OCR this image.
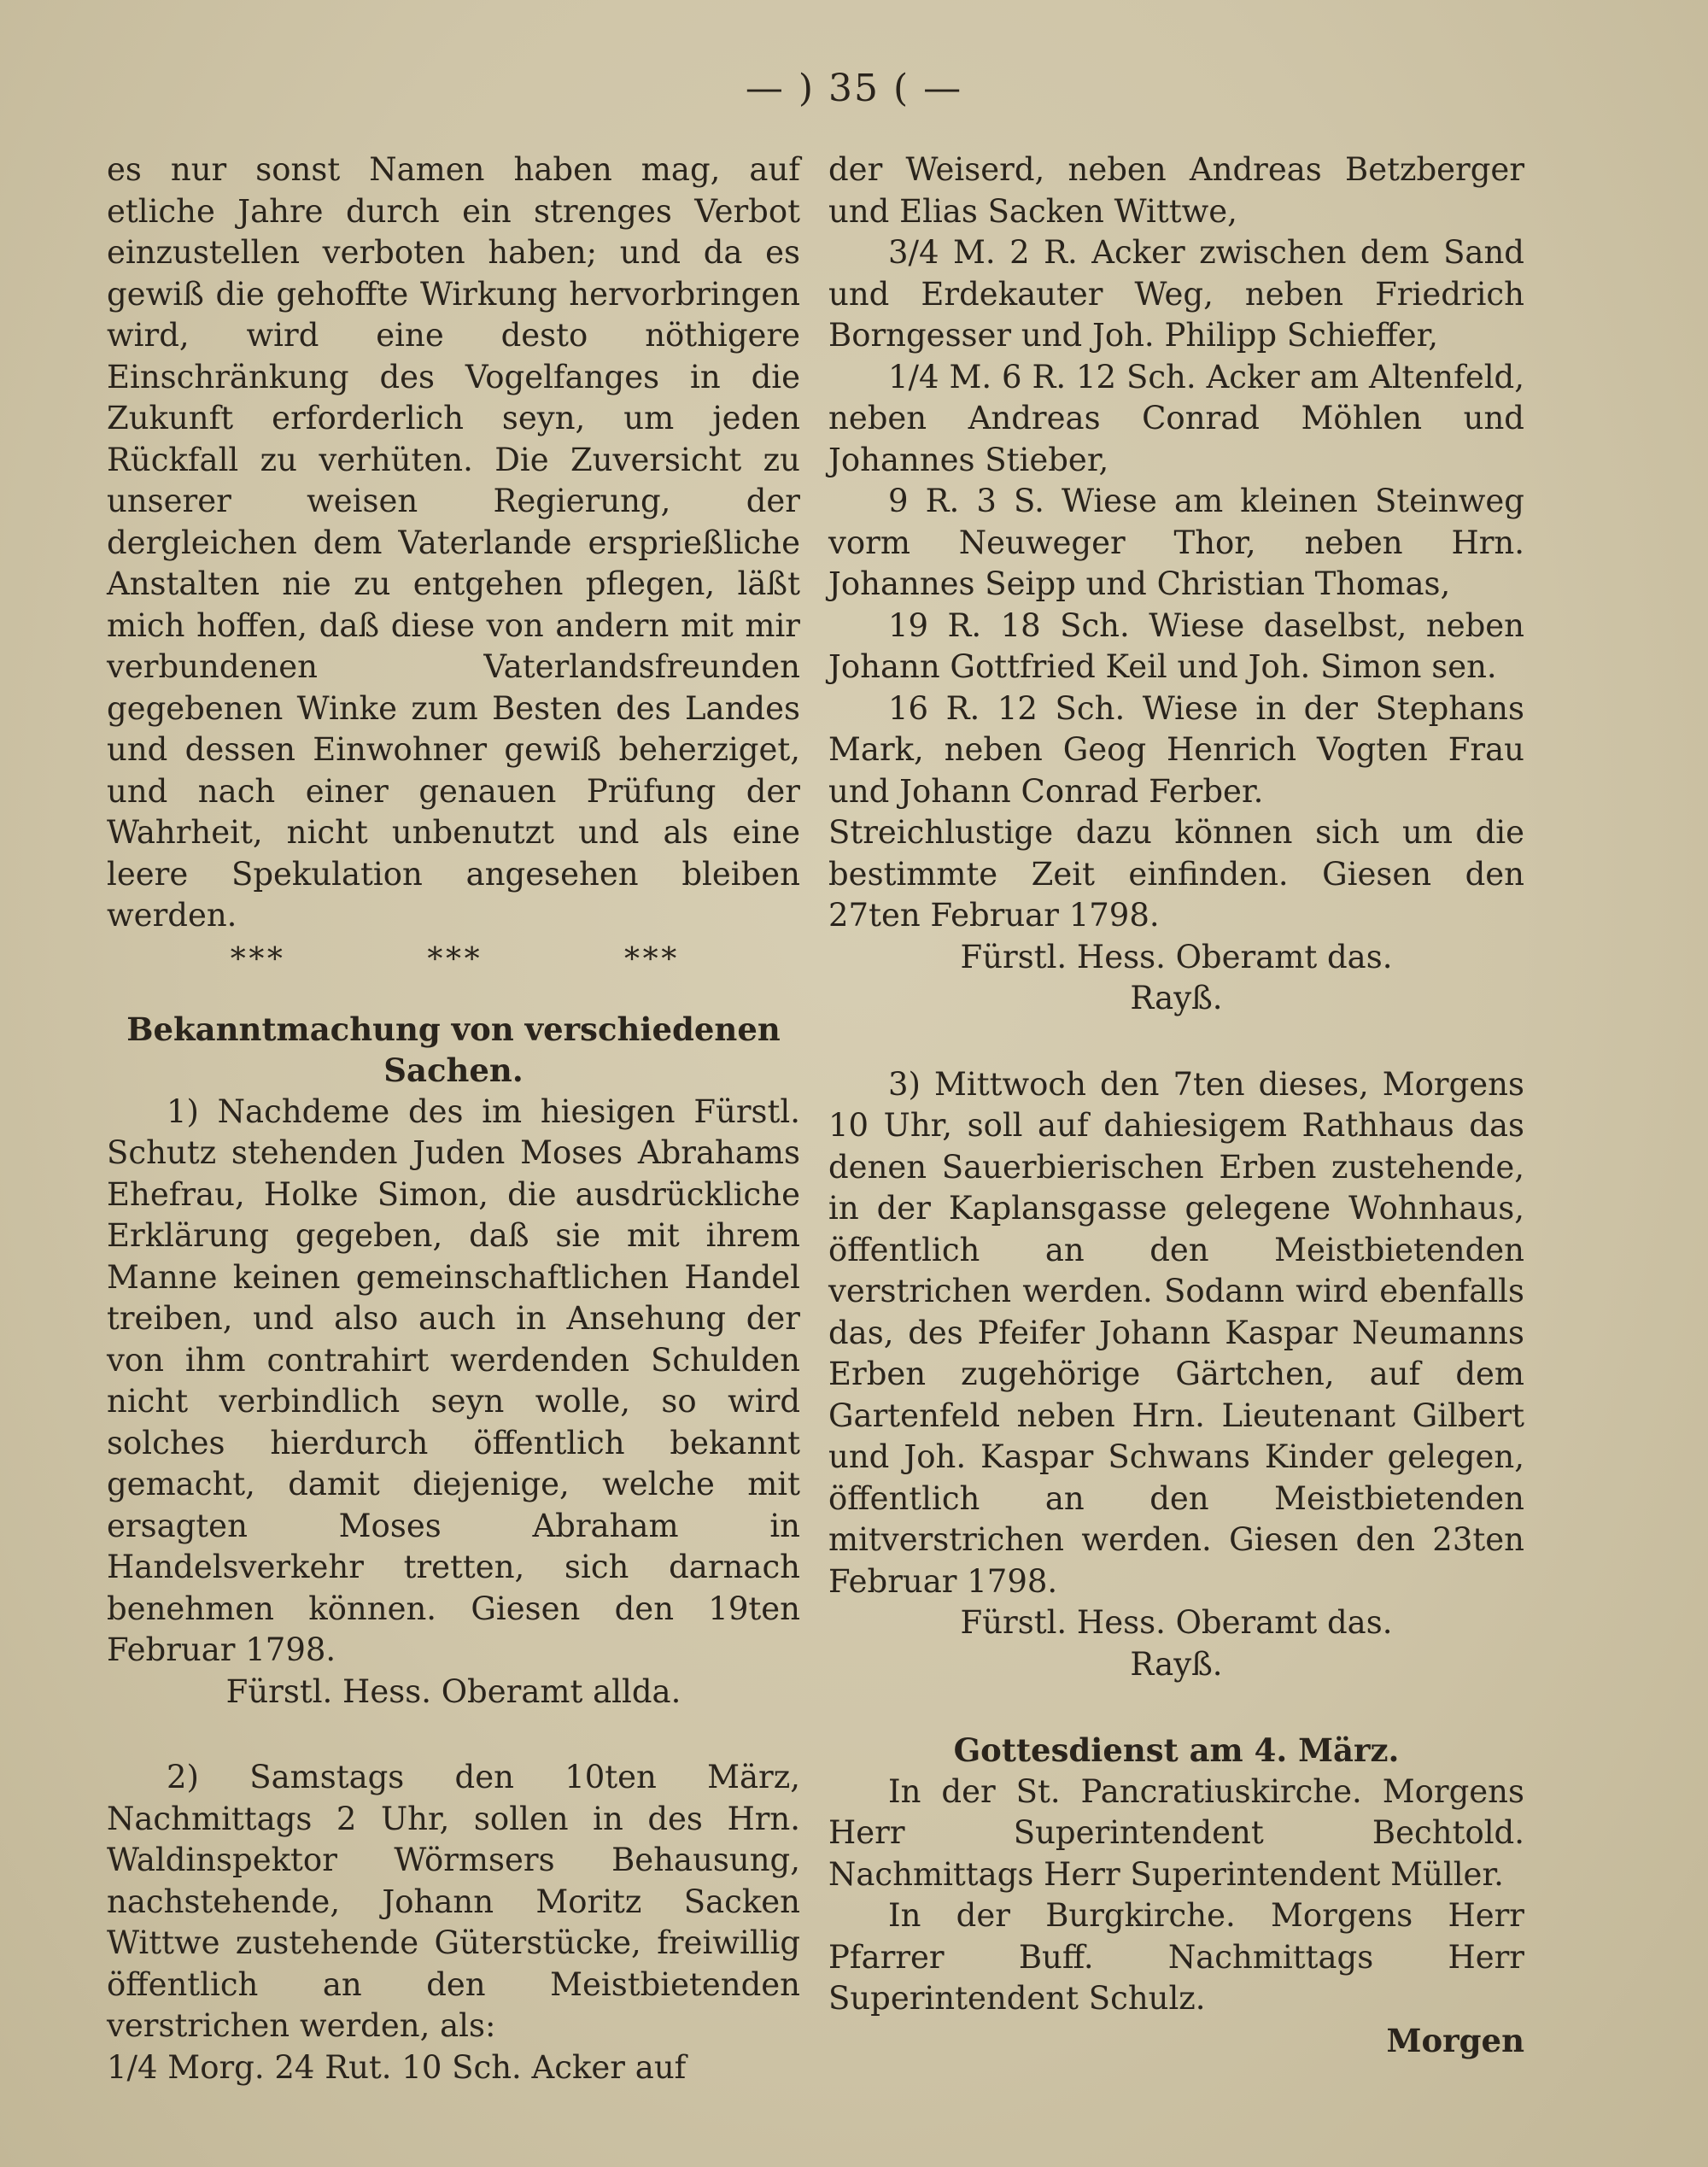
— ) 35 ( —

es nur sonst Namen haben mag, auf etliche Jahre durch ein strenges Verbot einzustellen verboten haben; und da es gewiß die gehoffte Wirkung hervorbringen wird, wird eine desto nöthigere Einschränkung des Vogelfanges in die Zukunft erforderlich seyn, um jeden Rückfall zu verhüten. Die Zuversicht zu unserer weisen Regierung, der dergleichen dem Vaterlande ersprießliche Anstalten nie zu entgehen pflegen, läßt mich hoffen, daß diese von andern mit mir verbundenen Vaterlandsfreunden gegebenen Winke zum Besten des Landes und dessen Einwohner gewiß beherziget, und nach einer genauen Prüfung der Wahrheit, nicht unbenutzt und als eine leere Spekulation angesehen bleiben werden.

* * *	* * *	* * *

Bekanntmachung von verschiedenen Sachen.

1) Nachdeme des im hiesigen Fürstl. Schutz stehenden Juden Moses Abrahams Ehefrau, Holke Simon, die ausdrückliche Erklärung gegeben, daß sie mit ihrem Manne keinen gemeinschaftlichen Handel treiben, und also auch in Ansehung der von ihm contrahirt werdenden Schulden nicht verbindlich seyn wolle, so wird solches hierdurch öffentlich bekannt gemacht, damit diejenige, welche mit ersagten Moses Abraham in Handelsverkehr tretten, sich darnach benehmen können. Giesen den 19ten Februar 1798.

Fürstl. Hess. Oberamt allda.

2) Samstags den 10ten März, Nachmittags 2 Uhr, sollen in des Hrn. Waldinspektor Wörmsers Behausung, nachstehende, Johann Moritz Sacken Wittwe zustehende Güterstücke, freiwillig öffentlich an den Meistbietenden verstrichen werden, als:

1/4 Morg. 24 Rut. 10 Sch. Acker auf

der Weiserd, neben Andreas Betzberger und Elias Sacken Wittwe,

3/4 M. 2 R. Acker zwischen dem Sand und Erdekauter Weg, neben Friedrich Borngesser und Joh. Philipp Schieffer,

1/4 M. 6 R. 12 Sch. Acker am Altenfeld, neben Andreas Conrad Möhlen und Johannes Stieber,

9 R. 3 S. Wiese am kleinen Steinweg vorm Neuweger Thor, neben Hrn. Johannes Seipp und Christian Thomas,

19 R. 18 Sch. Wiese daselbst, neben Johann Gottfried Keil und Joh. Simon sen.

16 R. 12 Sch. Wiese in der Stephans Mark, neben Geog Henrich Vogten Frau und Johann Conrad Ferber.

Streichlustige dazu können sich um die bestimmte Zeit einfinden. Giesen den 27ten Februar 1798.

Fürstl. Hess. Oberamt das.

Rayß.

3) Mittwoch den 7ten dieses, Morgens 10 Uhr, soll auf dahiesigem Rathhaus das denen Sauerbierischen Erben zustehende, in der Kaplansgasse gelegene Wohnhaus, öffentlich an den Meistbietenden verstrichen werden. Sodann wird ebenfalls das, des Pfeifer Johann Kaspar Neumanns Erben zugehörige Gärtchen, auf dem Gartenfeld neben Hrn. Lieutenant Gilbert und Joh. Kaspar Schwans Kinder gelegen, öffentlich an den Meistbietenden mitverstrichen werden. Giesen den 23ten Februar 1798.

Fürstl. Hess. Oberamt das.

Rayß.

Gottesdienst am 4. März.

In der St. Pancratiuskirche. Morgens Herr Superintendent Bechtold. Nachmittags Herr Superintendent Müller.

In der Burgkirche. Morgens Herr Pfarrer Buff. Nachmittags Herr Superintendent Schulz.

Morgen
